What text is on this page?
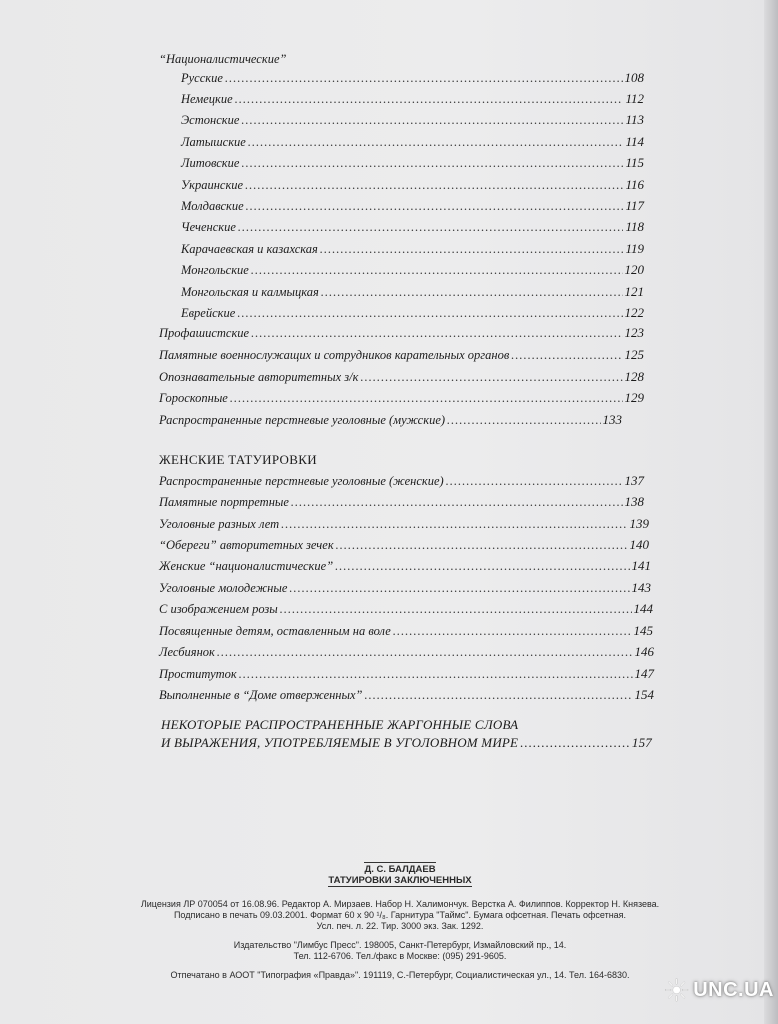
“Националистические”
Русские .....	108
Немецкие .....	112
Эстонские .....	113
Латышские .....	114
Литовские .....	115
Украинские .....	116
Молдавские .....	117
Чеченские .....	118
Карачаевская и казахская .....	119
Монгольские .....	120
Монгольская и калмыцкая .....	121
Еврейские .....	122
Профашистские .....	123
Памятные военнослужащих и сотрудников карательных органов .....	125
Опознавательные авторитетных з/к .....	128
Гороскопные .....	129
Распространенные перстневые уголовные (мужские) .....	133
ЖЕНСКИЕ ТАТУИРОВКИ
Распространенные перстневые уголовные (женские) .....	137
Памятные портретные .....	138
Уголовные разных лет .....	139
“Обереги” авторитетных зечек .....	140
Женские “националистические” .....	141
Уголовные молодежные .....	143
С изображением розы .....	144
Посвященные детям, оставленным на воле .....	145
Лесбиянок .....	146
Проституток .....	147
Выполненные в “Доме отверженных” .....	154
НЕКОТОРЫЕ РАСПРОСТРАНЕННЫЕ ЖАРГОННЫЕ СЛОВА
И ВЫРАЖЕНИЯ, УПОТРЕБЛЯЕМЫЕ В УГОЛОВНОМ МИРЕ .....	157
Д. С. БАЛДАЕВ
ТАТУИРОВКИ ЗАКЛЮЧЕННЫХ
Лицензия ЛР 070054 от 16.08.96. Редактор А. Мирзаев. Набор Н. Халимончук. Верстка А. Филиппов. Корректор Н. Князева.
Подписано в печать 09.03.2001. Формат 60 х 90 ¹/₈. Гарнитура "Таймс". Бумага офсетная. Печать офсетная.
Усл. печ. л. 22. Тир. 3000 экз. Зак. 1292.
Издательство "Лимбус Пресс". 198005, Санкт-Петербург, Измайловский пр., 14.
Тел. 112-6706. Тел./факс в Москве: (095) 291-9605.
Отпечатано в АООТ "Типография «Правда»". 191119, С.-Петербург, Социалистическая ул., 14. Тел. 164-6830.
UNC.UA
